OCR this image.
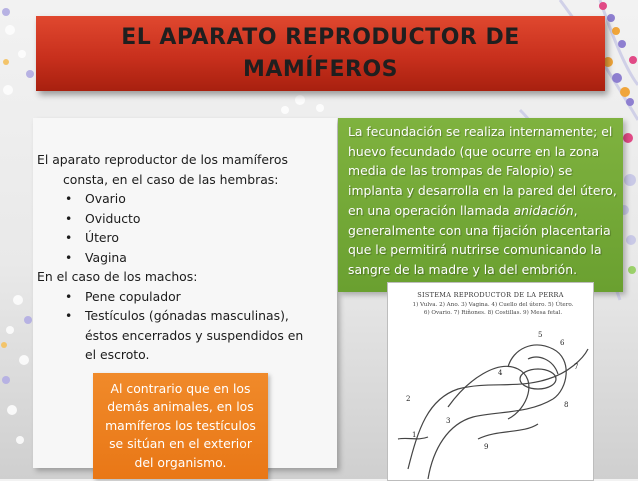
EL APARATO REPRODUCTOR DE
MAMÍFEROS
El aparato reproductor de los mamíferos
consta, en el caso de las hembras:
•	Ovario
•	Oviducto
•	Útero
•	Vagina
En el caso de los machos:
•	Pene copulador
•	Testículos (gónadas masculinas), éstos encerrados y suspendidos en el escroto.
Al contrario que en los demás animales, en los mamíferos los testículos se sitúan en el exterior del organismo.
La fecundación se realiza internamente; el huevo fecundado (que ocurre en la zona media de las trompas de Falopio) se implanta y desarrolla en la pared del útero, en una operación llamada anidación, generalmente con una fijación placentaria que le permitirá nutrirse comunicando la sangre de la madre y la del embrión.
SISTEMA REPRODUCTOR DE LA PERRA
1) Vulva. 2) Ano. 3) Vagina. 4) Cuello del útero. 5) Útero.
6) Ovario. 7) Riñones. 8) Costillas. 9) Mesa fetal.
1
2
3
4
5
6
7
8
9
